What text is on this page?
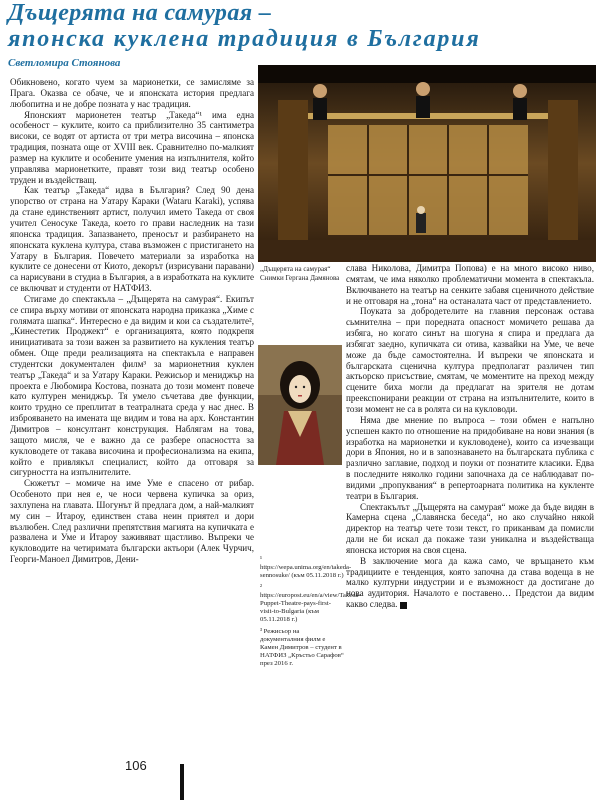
Дъщерята на самурая –
японска куклена традиция в България
Светломира Стоянова

Обикновено, когато чуем за марионетки, се замисляме за Прага. Оказва се обаче, че и японската история предлага любопитна и не добре позната у нас традиция.

Японският марионетен театър „Такеда“¹ има една особеност – куклите, които са приблизително 35 сантиметра високи, се водят от артиста от три метра височина – японска традиция, позната още от XVIII век. Сравнително по-малкият размер на куклите и особените умения на изпълнителя, който управлява марионетките, правят този вид театър особено труден и въздействащ.

Как театър „Такеда“ идва в България? След 90 дена упорство от страна на Уатару Караки (Wataru Karaki), успява да стане единственият артист, получил името Такеда от своя учител Сеносуке Такеда, което го прави наследник на тази японска традиция. Запазването, преносът и разбирането на японската куклена култура, става възможен с пристигането на Уатару в България. Повечето материали за изработка на куклите се донесени от Киото, декорът (изрисувани паравани) са нарисувани в студиа в България, а в изработката на куклите се включват и студенти от НАТФИЗ.

Стигаме до спектакъла – „Дъщерята на самурая“. Екипът се спира върху мотиви от японската народна приказка „Химе с голямата шапка“. Интересно е да видим и кои са създателите², „Кинестетик Проджект“ е организацията, която подкрепя инициативата за този важен за развитието на кукления театър обмен. Още преди реализацията на спектакъла е направен студентски документален филм³ за марионетния куклен театър „Такеда“ и за Уатару Караки. Режисьор и мениджър на проекта е Любомира Костова, позната до този момент повече като културен мениджър. Тя умело съчетава две функции, които трудно се преплитат в театралната среда у нас днес. В изброяването на имената ще видим и това на арх. Константин Димитров – консултант конструкция. Наблягам на това, защото мисля, че е важно да се разбере опасността за кукловодете от такава височина и професионализма на екипа, който е привлякъл специалист, който да отговаря за сигурността на изпълнителите.

Сюжетът – момиче на име Уме е спасено от рибар. Особеното при нея е, че носи червена купичка за ориз, захлупена на главата. Шогунът й предлага дом, а най-малкият му син – Итароу, единствен става неин приятел и дори възлюбен. След различни препятствия магията на купичката е развалена и Уме и Итароу заживяват щастливо. Въпреки че кукловодите на четиримата български актьори (Алек Чурчич, Георги-Маноел Димитров, Дени-

„Дъщерята на самурая“ Снимки Гергана Дамянова
¹ https://wepa.unima.org/en/takeda-sennosuke/ (към 05.11.2018 г.)
² https://europost.eu/en/a/view/Takeda-Puppet-Theatre-pays-first-visit-to-Bulgaria (към 05.11.2018 г.)
³ Режисьор на документалния филм е Камен Димитров – студент в НАТФИЗ „Кръстьо Сарафов“ през 2016 г.

слава Николова, Димитра Попова) е на много високо ниво, смятам, че има няколко проблематични момента в спектакъла. Включването на театър на сенките забавя сценичното действие и не отговаря на „тона“ на останалата част от представлението.

Поуката за добродетелите на главния персонаж остава сьмнителна – при поредната опасност момичето решава да избяга, но когато синът на шогуна я спира и предлага да избягат заедно, купичката си отива, казвайки на Уме, че вече може да бъде самостоятелна. И въпреки че японската и българската сценична култура предполагат различен тип актьорско присъствие, смятам, че моментите на преход между сцените биха могли да предлагат на зрителя не дотам преекспонирани реакции от страна на изпълнителите, които в този момент не са в ролята си на кукловоди.

Няма две мнение по въпроса – този обмен е напълно успешен както по отношение на придобиване на нови знания (в изработка на марионетки и кукловодене), които са изчезващи дори в Япония, но и в запознаването на българската публика с различно заглавие, подход и поуки от познатите класики. Едва в последните няколко години започнаха да се наблюдават по-видими „пропуквания“ в репертоарната политика на кукленте театри в България.

Спектакълът „Дъщерята на самурая“ може да бъде видян в Камерна сцена „Славянска беседа“, но ако случайно някой директор на театър чете този текст, го приканвам да помисли дали не би искал да покаже тази уникална и въздействаща японска история на своя сцена.

В заключение мога да кажа само, че връщането към традициите е тенденция, която започна да става водеща в не малко културни индустрии и е възможност да достигане до нова аудитория. Началото е поставено… Предстои да видим какво следва.

106
